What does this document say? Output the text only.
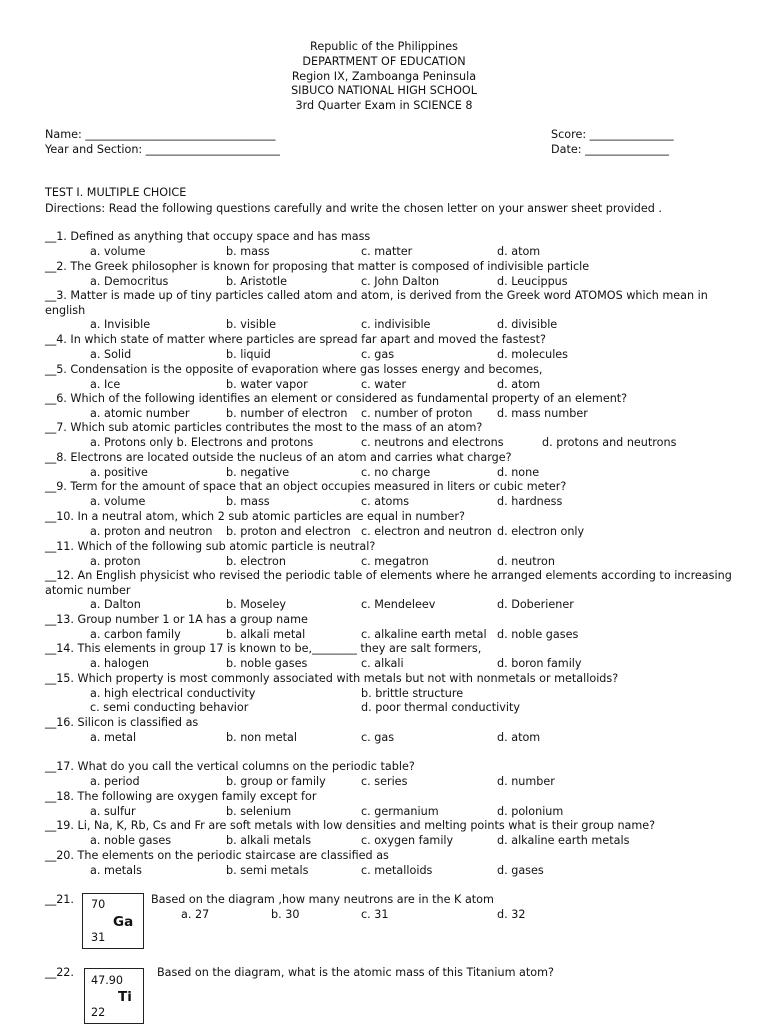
Republic of the Philippines
DEPARTMENT OF EDUCATION
Region IX, Zamboanga Peninsula
SIBUCO NATIONAL HIGH SCHOOL
3rd Quarter Exam in SCIENCE 8
Name: __________________________________
Year and Section: ________________________
Score: _______________
Date: _______________
TEST I. MULTIPLE CHOICE
Directions: Read the following questions carefully and write the chosen letter on your answer sheet provided .
__1. Defined as anything that occupy space and has mass
a. volume	b. mass	c. matter	d. atom
__2. The Greek philosopher is known for proposing that matter is composed of indivisible particle
a. Democritus	b. Aristotle	c. John Dalton	d. Leucippus
__3. Matter is made up of tiny particles called atom and atom, is derived from the Greek word ATOMOS which mean in english
a. Invisible	b. visible	c. indivisible	d. divisible
__4. In which state of matter where particles are spread far apart and moved the fastest?
a. Solid	b. liquid	c. gas	d. molecules
__5. Condensation is the opposite of evaporation where gas losses energy and becomes,
a. Ice	b. water vapor	c. water	d. atom
__6. Which of the following identifies an element or considered as fundamental property of an element?
a. atomic number	b. number of electron c. number of proton d. mass number
__7. Which sub atomic particles contributes the most to the mass of an atom?
a. Protons only b. Electrons and protons	c. neutrons and electrons	d. protons and neutrons
__8. Electrons are located outside the nucleus of an atom and carries what charge?
a. positive	b. negative	c. no charge	d. none
__9. Term for the amount of space that an object occupies measured in liters or cubic meter?
a. volume	b. mass	c. atoms	d. hardness
__10. In a neutral atom, which 2 sub atomic particles are equal in number?
a. proton and neutron b. proton and electron c. electron and neutron d. electron only
__11. Which of the following sub atomic particle is neutral?
a. proton	b. electron	c. megatron	d. neutron
__12. An English physicist who revised the periodic table of elements where he arranged elements according to increasing atomic number
a. Dalton	b. Moseley	c. Mendeleev	d. Doberiener
__13. Group number 1 or 1A has a group name
a. carbon family	b. alkali metal	c. alkaline earth metal d. noble gases
__14. This elements in group 17 is known to be,________ they are salt formers,
a. halogen	b. noble gases	c. alkali	d. boron family
__15. Which property is most commonly associated with metals but not with nonmetals or metalloids?
a. high electrical conductivity	b. brittle structure
c. semi conducting behavior	d. poor thermal conductivity
__16. Silicon is classified as
a. metal	b. non metal	c. gas	d. atom
__17. What do you call the vertical columns on the periodic table?
a. period	b. group or family	c. series	d. number
__18. The following are oxygen family except for
a. sulfur	b. selenium	c. germanium	d. polonium
__19. Li, Na, K, Rb, Cs and Fr are soft metals with low densities and melting points what is their group name?
a. noble gases	b. alkali metals	c. oxygen family	d. alkaline earth metals
__20. The elements on the periodic staircase are classified as
a. metals	b. semi metals	c. metalloids	d. gases
__21. 70
Ga
31
Based on the diagram ,how many neutrons are in the K atom
a. 27	b. 30	c. 31	d. 32
__22.
47.90
Ti
22
Based on the diagram, what is the atomic mass of this Titanium atom?
